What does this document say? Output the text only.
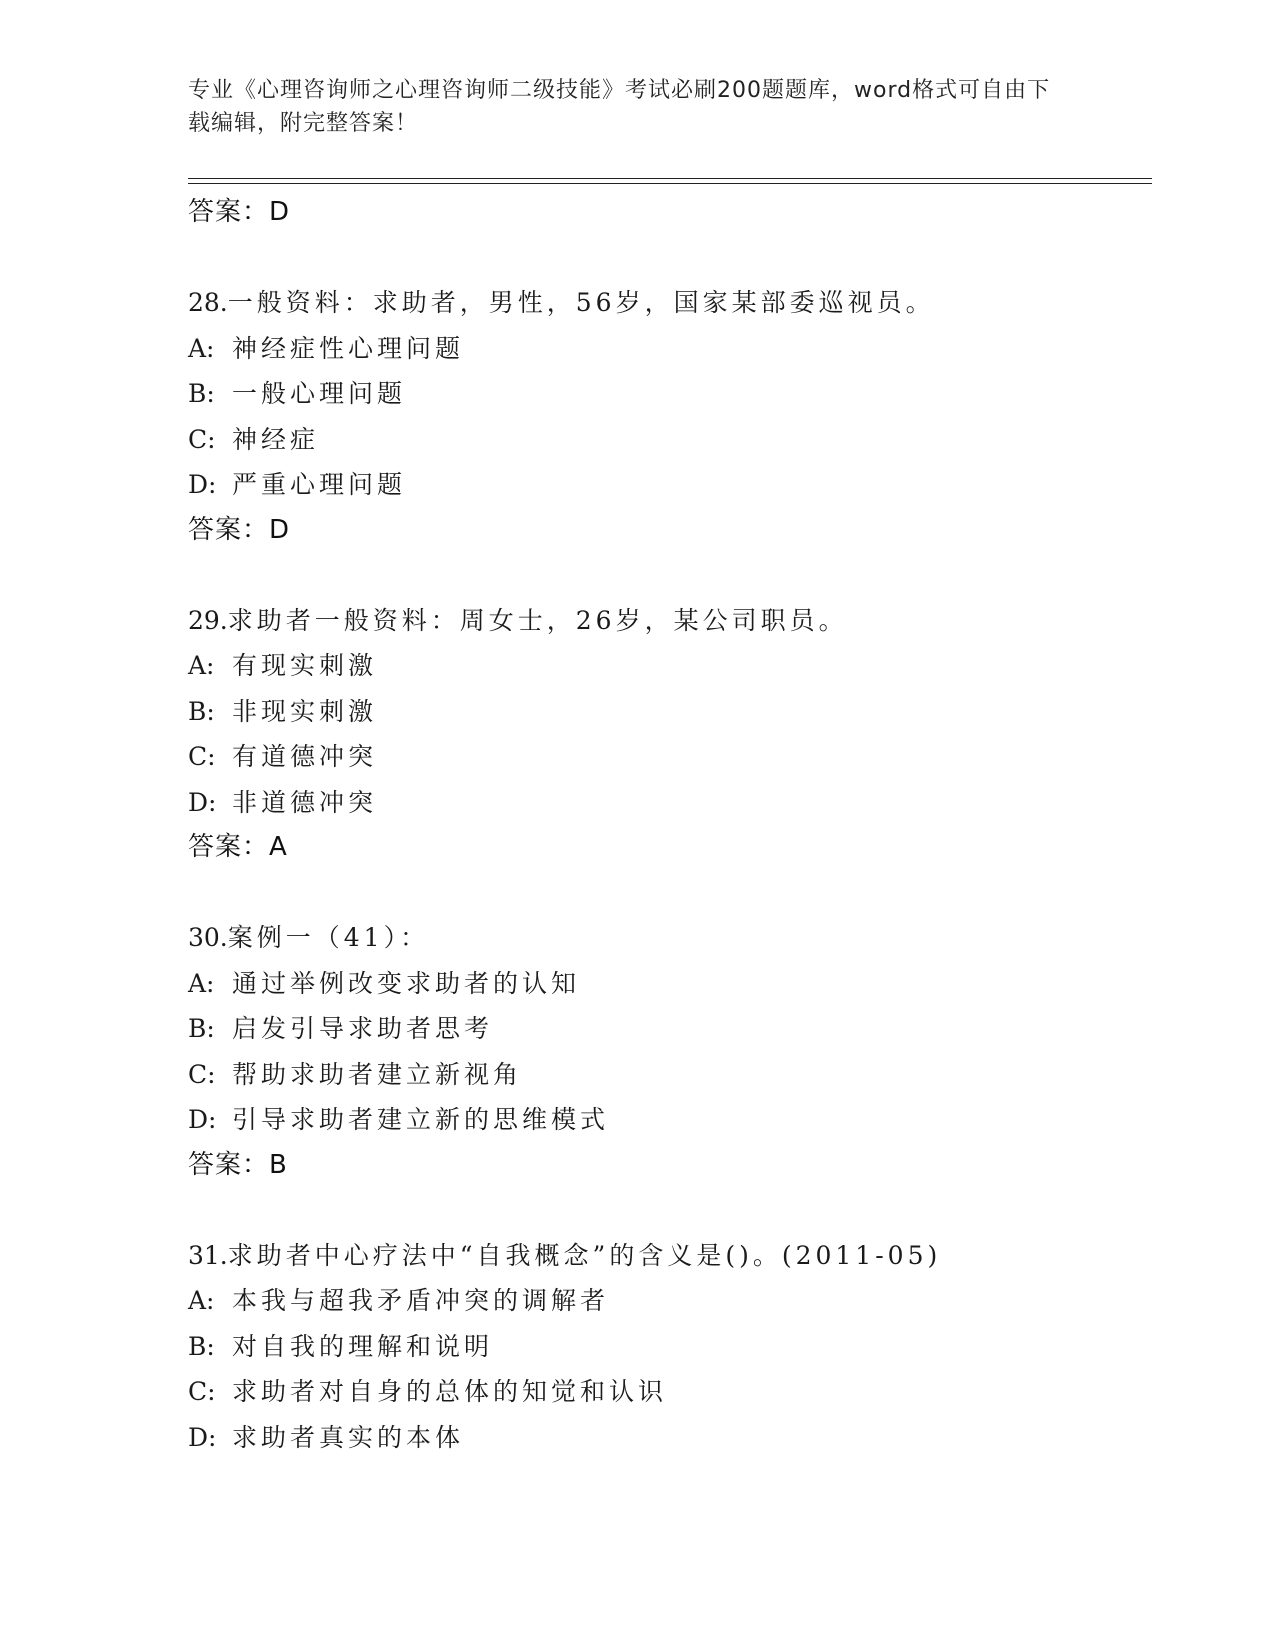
专业《心理咨询师之心理咨询师二级技能》考试必刷200题题库，word格式可自由下载编辑，附完整答案！
答案：D
28.一般资料：求助者，男性，56岁，国家某部委巡视员。
A: 神经症性心理问题
B: 一般心理问题
C: 神经症
D: 严重心理问题
答案：D
29.求助者一般资料：周女士，26岁，某公司职员。
A: 有现实刺激
B: 非现实刺激
C: 有道德冲突
D: 非道德冲突
答案：A
30.案例一（41）：
A: 通过举例改变求助者的认知
B: 启发引导求助者思考
C: 帮助求助者建立新视角
D: 引导求助者建立新的思维模式
答案：B
31.求助者中心疗法中“自我概念”的含义是()。(2011-05)
A: 本我与超我矛盾冲突的调解者
B: 对自我的理解和说明
C: 求助者对自身的总体的知觉和认识
D: 求助者真实的本体
